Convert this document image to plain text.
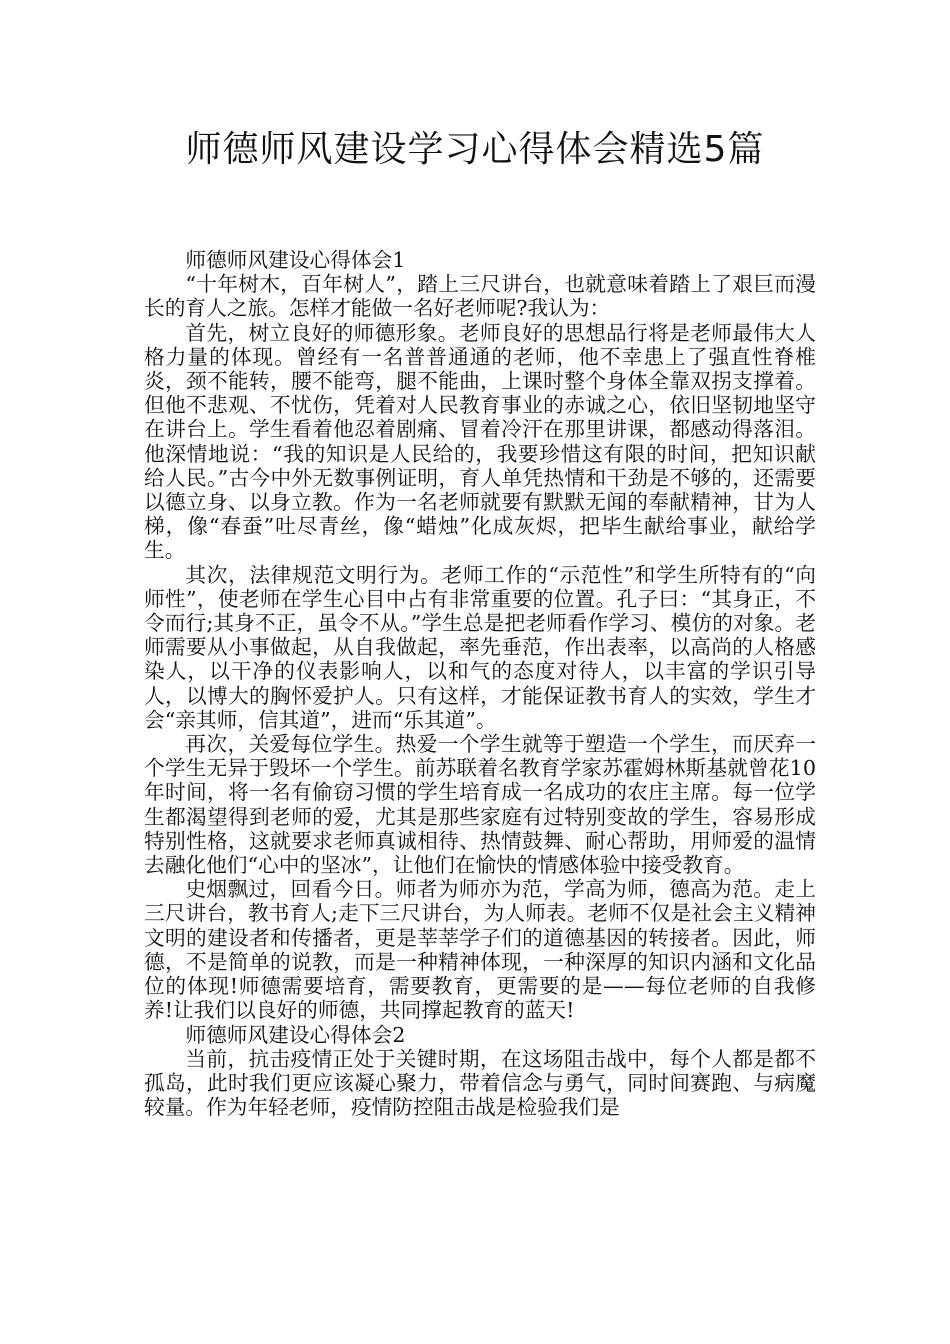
师德师风建设学习心得体会精选5篇

师德师风建设心得体会1

“十年树木，百年树人”，踏上三尺讲台，也就意味着踏上了艰巨而漫长的育人之旅。怎样才能做一名好老师呢?我认为：

首先，树立良好的师德形象。老师良好的思想品行将是老师最伟大人格力量的体现。曾经有一名普普通通的老师，他不幸患上了强直性脊椎炎，颈不能转，腰不能弯，腿不能曲，上课时整个身体全靠双拐支撑着。但他不悲观、不忧伤，凭着对人民教育事业的赤诚之心，依旧坚韧地坚守在讲台上。学生看着他忍着剧痛、冒着冷汗在那里讲课，都感动得落泪。他深情地说：“我的知识是人民给的，我要珍惜这有限的时间，把知识献给人民。”古今中外无数事例证明，育人单凭热情和干劲是不够的，还需要以德立身、以身立教。作为一名老师就要有默默无闻的奉献精神，甘为人梯，像“春蚕”吐尽青丝，像“蜡烛”化成灰烬，把毕生献给事业，献给学生。

其次，法律规范文明行为。老师工作的“示范性”和学生所特有的“向师性”，使老师在学生心目中占有非常重要的位置。孔子曰：“其身正，不令而行;其身不正，虽令不从。”学生总是把老师看作学习、模仿的对象。老师需要从小事做起，从自我做起，率先垂范，作出表率，以高尚的人格感染人，以干净的仪表影响人，以和气的态度对待人，以丰富的学识引导人，以博大的胸怀爱护人。只有这样，才能保证教书育人的实效，学生才会“亲其师，信其道”，进而“乐其道”。

再次，关爱每位学生。热爱一个学生就等于塑造一个学生，而厌弃一个学生无异于毁坏一个学生。前苏联着名教育学家苏霍姆林斯基就曾花10年时间，将一名有偷窃习惯的学生培育成一名成功的农庄主席。每一位学生都渴望得到老师的爱，尤其是那些家庭有过特别变故的学生，容易形成特别性格，这就要求老师真诚相待、热情鼓舞、耐心帮助，用师爱的温情去融化他们“心中的坚冰”，让他们在愉快的情感体验中接受教育。

史烟飘过，回看今日。师者为师亦为范，学高为师，德高为范。走上三尺讲台，教书育人;走下三尺讲台，为人师表。老师不仅是社会主义精神文明的建设者和传播者，更是莘莘学子们的道德基因的转接者。因此，师德，不是简单的说教，而是一种精神体现，一种深厚的知识内涵和文化品位的体现!师德需要培育，需要教育，更需要的是——每位老师的自我修养!让我们以良好的师德，共同撑起教育的蓝天!

师德师风建设心得体会2

当前，抗击疫情正处于关键时期，在这场阻击战中，每个人都是都不孤岛，此时我们更应该凝心聚力，带着信念与勇气，同时间赛跑、与病魔较量。作为年轻老师，疫情防控阻击战是检验我们是
